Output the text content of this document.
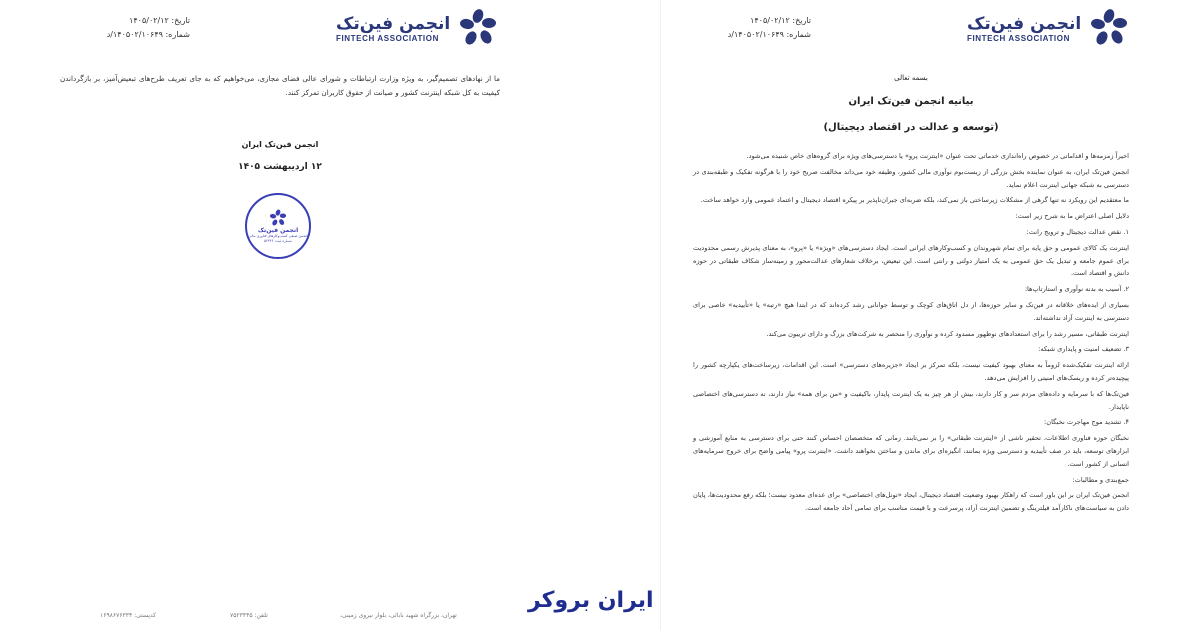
انجمن فین‌تک
FINTECH ASSOCIATION
تاریخ: ۱۴۰۵/۰۲/۱۲
شماره: ۱۴۰۵۰۲/۱۰۶۴۹/د
ما از نهادهای تصمیم‌گیر، به ویژه وزارت ارتباطات و شورای عالی فضای مجازی، می‌خواهیم که به جای تعریف طرح‌های تبعیض‌آمیز، بر بازگرداندن کیفیت به کل شبکه اینترنت کشور و صیانت از حقوق کاربران تمرکز کنند.
انجمن فین‌تک ایران
۱۲ اردیبهشت ۱۴۰۵
انجمن فین‌تک
انجمن صنفی کسب‌وکارهای فناوری مالی
شماره ثبت: ۵۲۳۴۶
تهران، بزرگراه شهید بابائی، بلوار نیروی زمینی،
تلفن: ۷۵۲۳۴۴۵
کدپستی: ۱۶۹۸۶۷۶۳۳۴
ایران بروکر
انجمن فین‌تک
FINTECH ASSOCIATION
تاریخ: ۱۴۰۵/۰۲/۱۲
شماره: ۱۴۰۵۰۲/۱۰۶۴۹/د
بسمه تعالی
بیانیه انجمن فین‌تک ایران
(توسعه و عدالت در اقتصاد دیجیتال)

اخیراً زمزمه‌ها و اقداماتی در خصوص راه‌اندازی خدماتی تحت عنوان «اینترنت پرو» یا دسترسی‌های ویژه برای گروه‌های خاص شنیده می‌شود.

انجمن فین‌تک ایران، به عنوان نماینده بخش بزرگی از زیست‌بوم نوآوری مالی کشور، وظیفه خود می‌داند مخالفت صریح خود را با هرگونه تفکیک و طبقه‌بندی در دسترسی به شبکه جهانی اینترنت اعلام نماید.

ما معتقدیم این رویکرد نه تنها گرهی از مشکلات زیرساختی باز نمی‌کند، بلکه ضربه‌ای جبران‌ناپذیر بر پیکره اقتصاد دیجیتال و اعتماد عمومی وارد خواهد ساخت.

دلایل اصلی اعتراض ما به شرح زیر است:

۱. نقض عدالت دیجیتال و ترویج رانت:

اینترنت یک کالای عمومی و حق پایه برای تمام شهروندان و کسب‌وکارهای ایرانی است. ایجاد دسترسی‌های «ویژه» یا «پرو»، به معنای پذیرش رسمی محدودیت برای عموم جامعه و تبدیل یک حق عمومی به یک امتیاز دولتی و رانتی است. این تبعیض، برخلاف شعارهای عدالت‌محور و زمینه‌ساز شکاف طبقاتی در حوزه دانش و اقتصاد است.

۲. آسیب به بدنه نوآوری و استارتاپ‌ها:

بسیاری از ایده‌های خلاقانه در فین‌تک و سایر حوزه‌ها، از دل اتاق‌های کوچک و توسط جوانانی رشد کرده‌اند که در ابتدا هیچ «رتبه» یا «تأییدیه» خاصی برای دسترسی به اینترنت آزاد نداشته‌اند.

اینترنت طبقاتی، مسیر رشد را برای استعدادهای نوظهور مسدود کرده و نوآوری را منحصر به شرکت‌های بزرگ و دارای تریبون می‌کند.

۳. تضعیف امنیت و پایداری شبکه:

ارائه اینترنت تفکیک‌شده لزوماً به معنای بهبود کیفیت نیست، بلکه تمرکز بر ایجاد «جزیره‌های دسترسی» است. این اقدامات، زیرساخت‌های یکپارچه کشور را پیچیده‌تر کرده و ریسک‌های امنیتی را افزایش می‌دهد.

فین‌تک‌ها که با سرمایه و داده‌های مردم سر و کار دارند، بیش از هر چیز به یک اینترنت پایدار، باکیفیت و «من برای همه» نیاز دارند، نه دسترسی‌های اختصاصی ناپایدار.

۴. تشدید موج مهاجرت نخبگان:

نخبگان حوزه فناوری اطلاعات، تحقیر ناشی از «اینترنت طبقاتی» را بر نمی‌تابند. زمانی که متخصصان احساس کنند حتی برای دسترسی به منابع آموزشی و ابزارهای توسعه، باید در صف تأییدیه و دسترسی ویژه بمانند، انگیزه‌ای برای ماندن و ساختن نخواهند داشت. «اینترنت پرو» پیامی واضح برای خروج سرمایه‌های انسانی از کشور است.

جمع‌بندی و مطالبات:

انجمن فین‌تک ایران بر این باور است که راهکار بهبود وضعیت اقتصاد دیجیتال، ایجاد «تونل‌های اختصاصی» برای عده‌ای معدود نیست؛ بلکه رفع محدودیت‌ها، پایان دادن به سیاست‌های ناکارآمد فیلترینگ و تضمین اینترنت آزاد، پرسرعت و با قیمت مناسب برای تمامی آحاد جامعه است.
